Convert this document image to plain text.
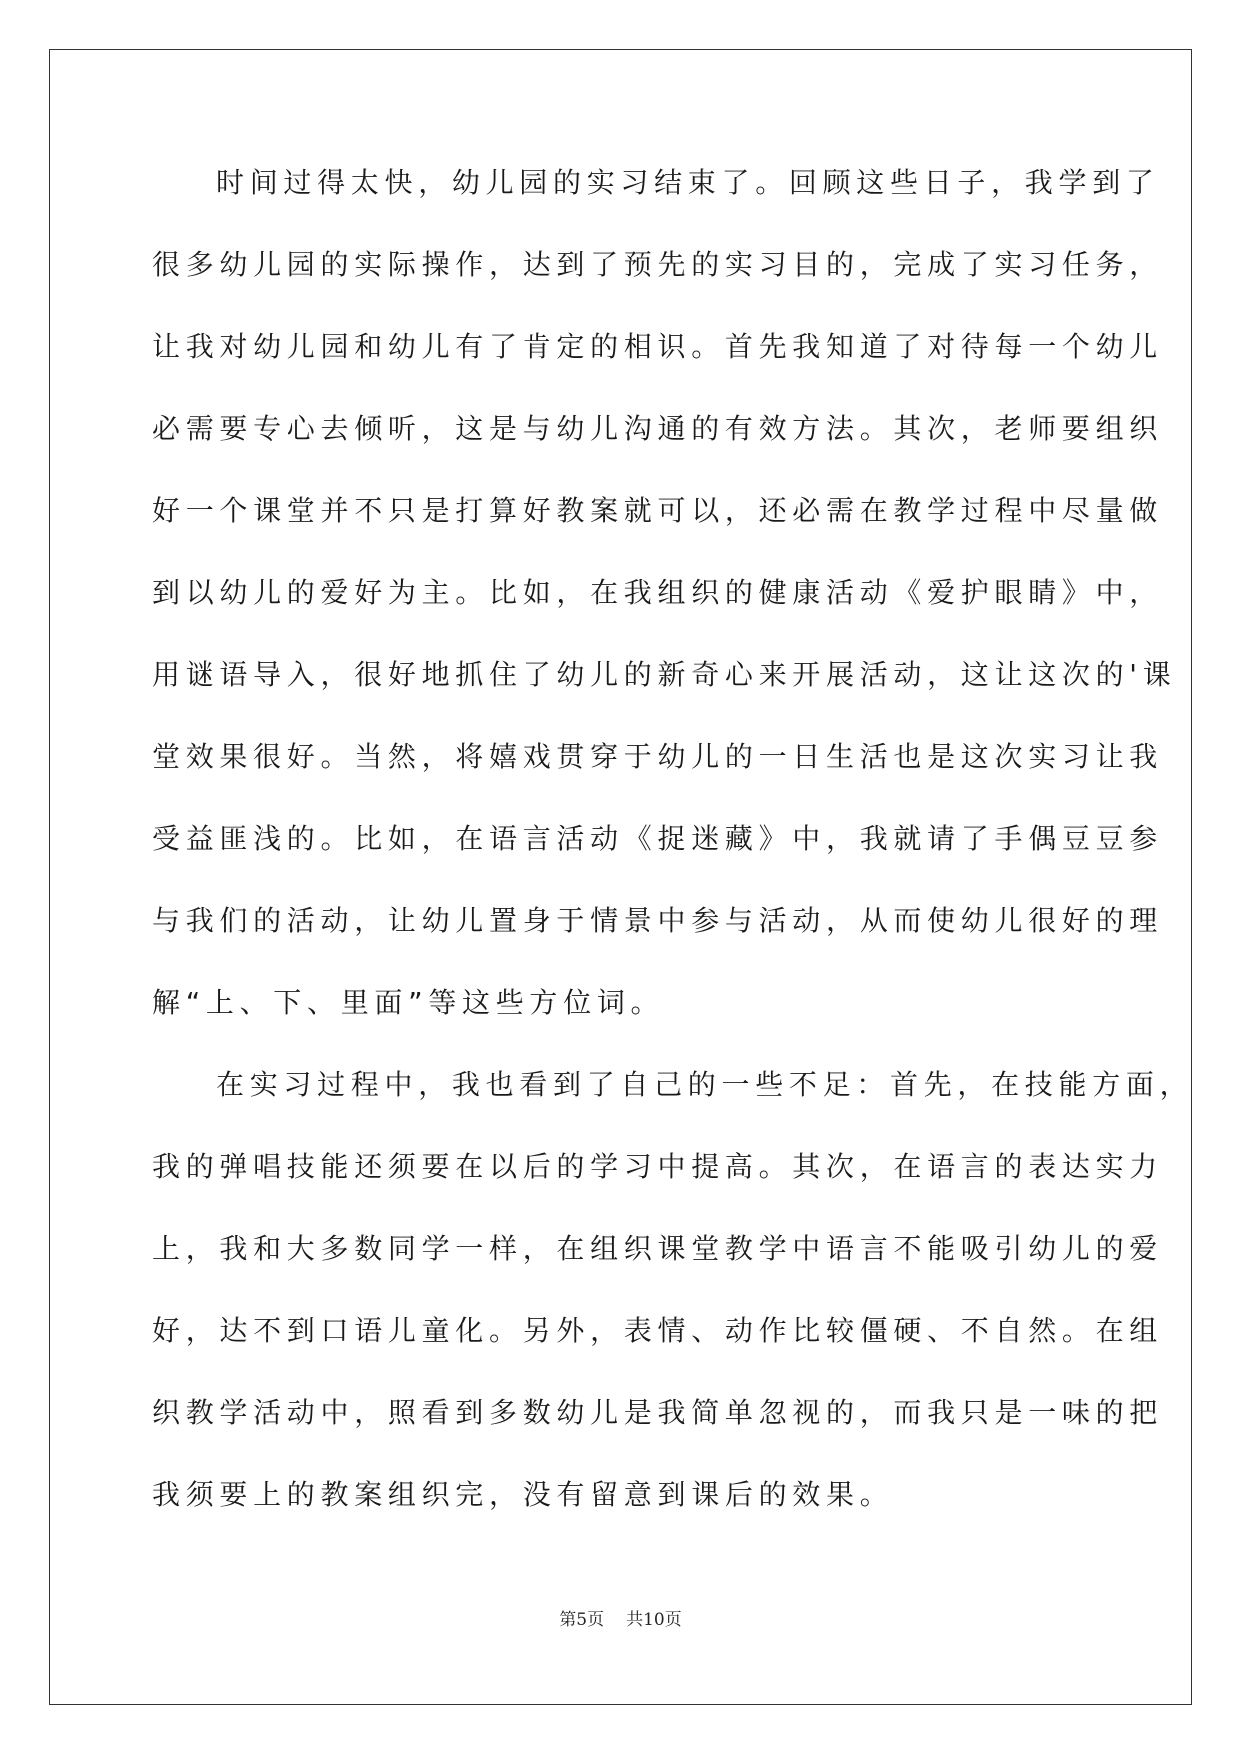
时间过得太快，幼儿园的实习结束了。回顾这些日子，我学到了
很多幼儿园的实际操作，达到了预先的实习目的，完成了实习任务，
让我对幼儿园和幼儿有了肯定的相识。首先我知道了对待每一个幼儿
必需要专心去倾听，这是与幼儿沟通的有效方法。其次，老师要组织
好一个课堂并不只是打算好教案就可以，还必需在教学过程中尽量做
到以幼儿的爱好为主。比如，在我组织的健康活动《爱护眼睛》中，
用谜语导入，很好地抓住了幼儿的新奇心来开展活动，这让这次的'课
堂效果很好。当然，将嬉戏贯穿于幼儿的一日生活也是这次实习让我
受益匪浅的。比如，在语言活动《捉迷藏》中，我就请了手偶豆豆参
与我们的活动，让幼儿置身于情景中参与活动，从而使幼儿很好的理
解“上、下、里面”等这些方位词。
在实习过程中，我也看到了自己的一些不足：首先，在技能方面，
我的弹唱技能还须要在以后的学习中提高。其次，在语言的表达实力
上，我和大多数同学一样，在组织课堂教学中语言不能吸引幼儿的爱
好，达不到口语儿童化。另外，表情、动作比较僵硬、不自然。在组
织教学活动中，照看到多数幼儿是我简单忽视的，而我只是一味的把
我须要上的教案组织完，没有留意到课后的效果。
第5页 共10页
